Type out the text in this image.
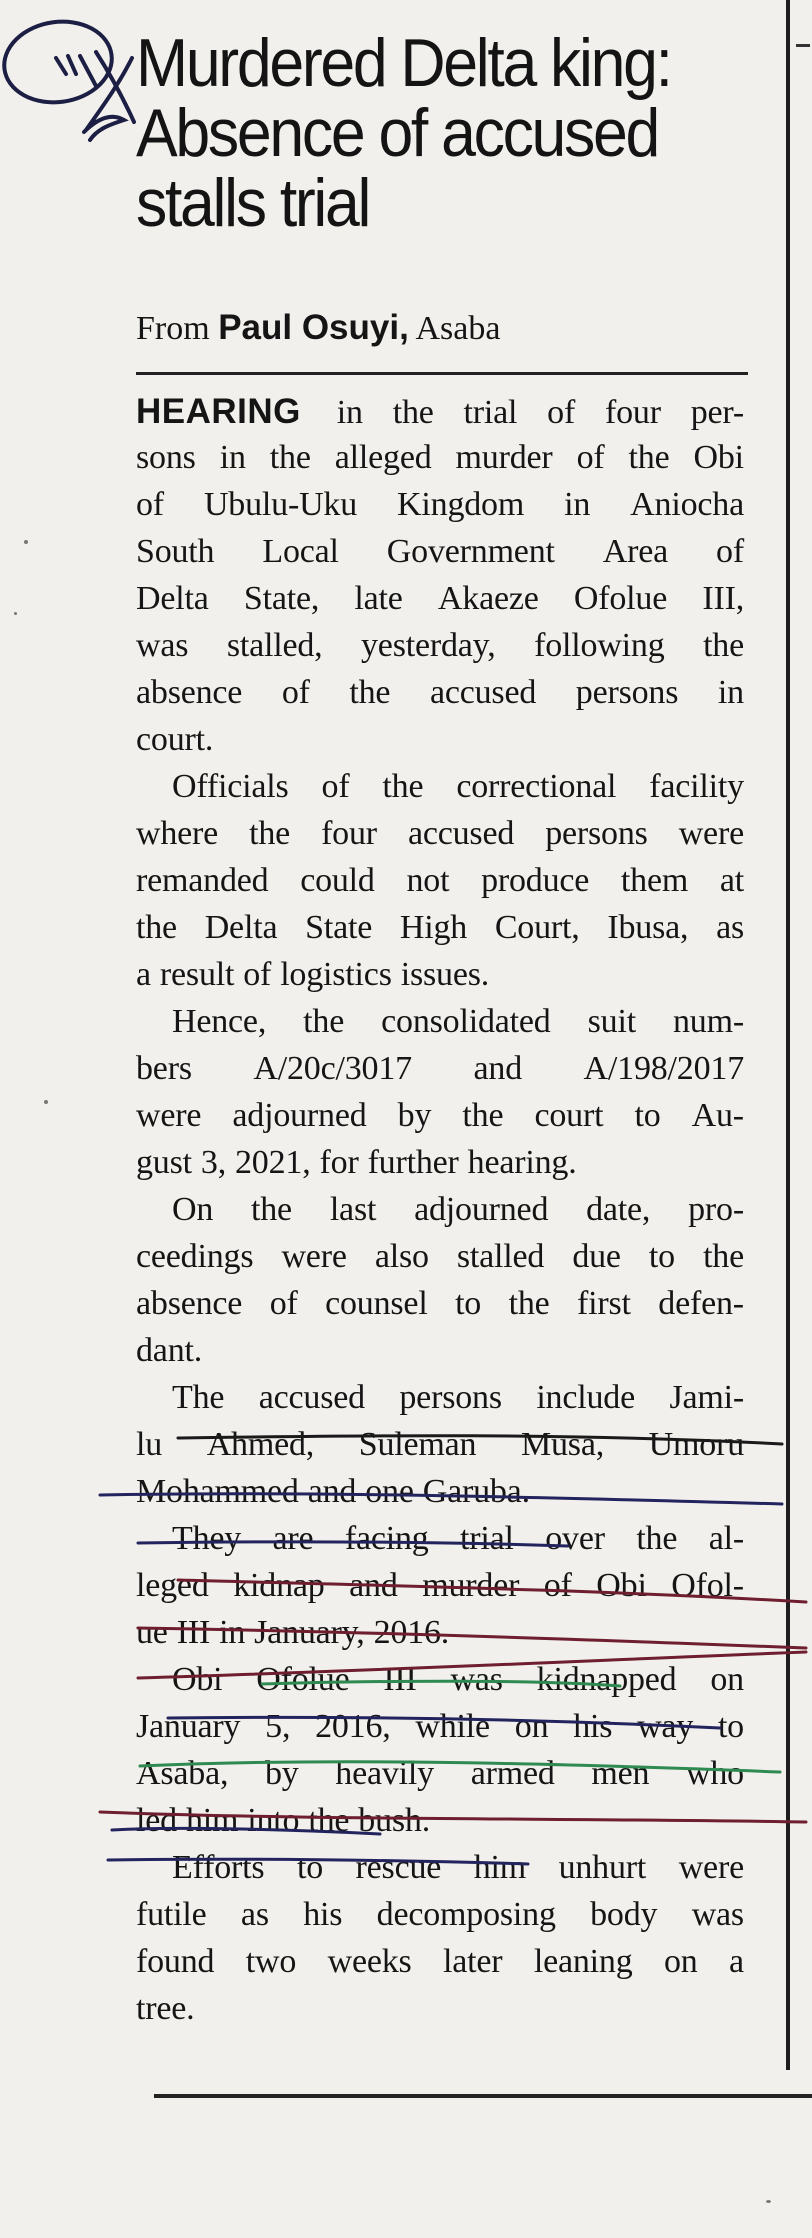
Murdered Delta king:
Absence of accused
stalls trial
From Paul Osuyi, Asaba
HEARING in the trial of four per-
sons in the alleged murder of the Obi
of Ubulu-Uku Kingdom in Aniocha
South Local Government Area of
Delta State, late Akaeze Ofolue III,
was stalled, yesterday, following the
absence of the accused persons in
court.
Officials of the correctional facility
where the four accused persons were
remanded could not produce them at
the Delta State High Court, Ibusa, as
a result of logistics issues.
Hence, the consolidated suit num-
bers A/20c/3017 and A/198/2017
were adjourned by the court to Au-
gust 3, 2021, for further hearing.
On the last adjourned date, pro-
ceedings were also stalled due to the
absence of counsel to the first defen-
dant.
The accused persons include Jami-
lu Ahmed, Suleman Musa, Umoru
Mohammed and one Garuba.
They are facing trial over the al-
leged kidnap and murder of Obi Ofol-
ue III in January, 2016.
Obi Ofolue III was kidnapped on
January 5, 2016, while on his way to
Asaba, by heavily armed men who
led him into the bush.
Efforts to rescue him unhurt were
futile as his decomposing body was
found two weeks later leaning on a
tree.
